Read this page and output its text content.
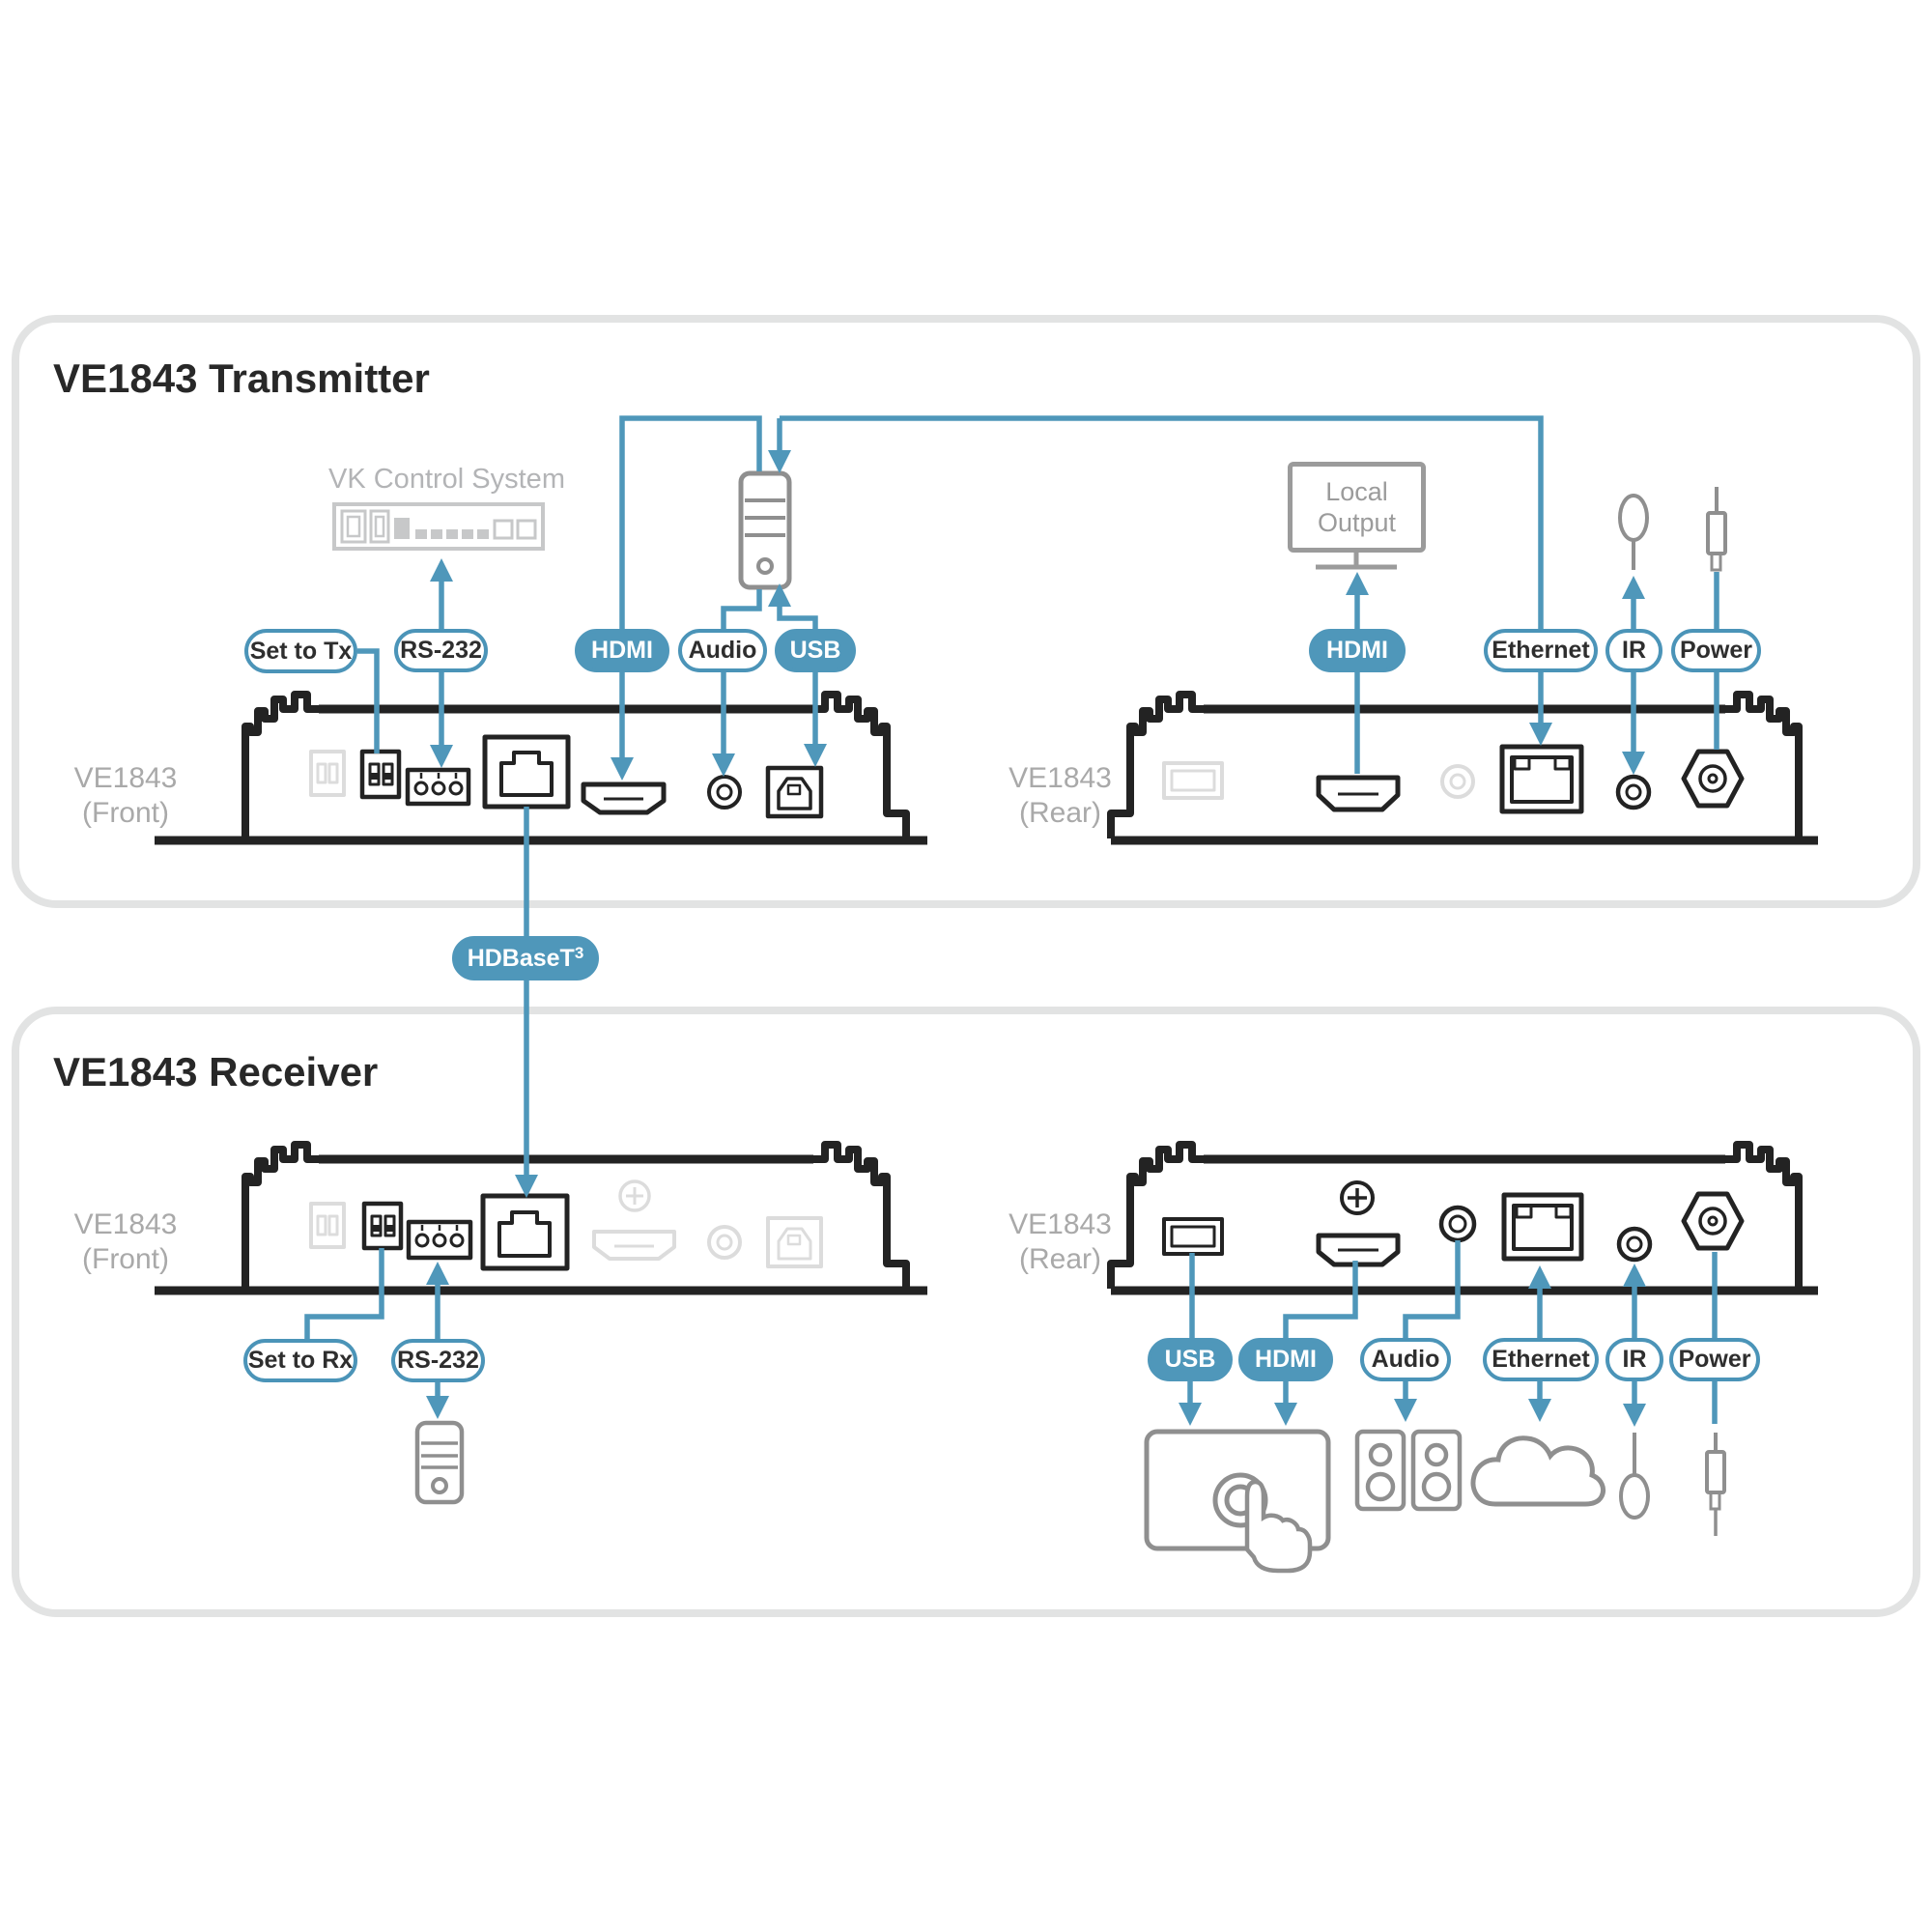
VE1843 Transmitter
VE1843 Receiver
VK Control System
VE1843
(Front)
VE1843
(Rear)
VE1843
(Front)
VE1843
(Rear)
Local
Output
Set to Tx RS-232	HDMI	Audio	USB	HDMI	Ethernet	IR	Power
HDBaseT 3
Set to Rx RS-232	USB	HDMI	Audio	Ethernet	IR	Power
